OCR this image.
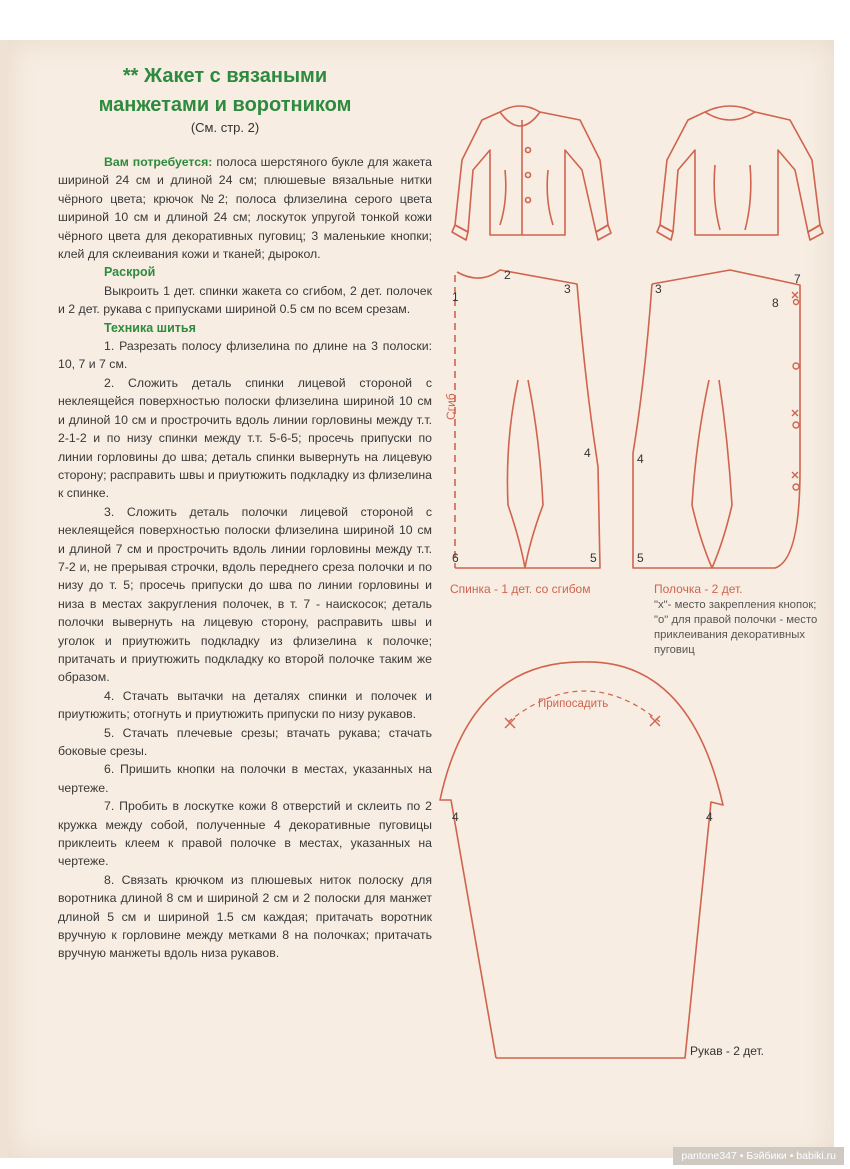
** Жакет с вязаными
манжетами и воротником
(См. стр. 2)

Вам потребуется: полоса шерстяного букле для жакета шириной 24 см и длиной 24 см; плюшевые вязальные нитки чёрного цвета; крючок №2; полоса флизелина серого цвета шириной 10 см и длиной 24 см; лоскуток упругой тонкой кожи чёрного цвета для декоративных пуговиц; 3 маленькие кнопки; клей для склеивания кожи и тканей; дырокол.

Раскрой

Выкроить 1 дет. спинки жакета со сгибом, 2 дет. полочек и 2 дет. рукава с припусками шириной 0.5 см по всем срезам.

Техника шитья

1. Разрезать полосу флизелина по длине на 3 полоски: 10, 7 и 7 см.

2. Сложить деталь спинки лицевой стороной с неклеящейся поверхностью полоски флизелина шириной 10 см и длиной 10 см и прострочить вдоль линии горловины между т.т. 2-1-2 и по низу спинки между т.т. 5-6-5; просечь припуски по линии горловины до шва; деталь спинки вывернуть на лицевую сторону; расправить швы и приутюжить подкладку из флизелина к спинке.

3. Сложить деталь полочки лицевой стороной с неклеящейся поверхностью полоски флизелина шириной 10 см и длиной 7 см и прострочить вдоль линии горловины между т.т. 7-2 и, не прерывая строчки, вдоль переднего среза полочки и по низу до т. 5; просечь припуски до шва по линии горловины и низа в местах закругления полочек, в т. 7 - наискосок; деталь полочки вывернуть на лицевую сторону, расправить швы и уголок и приутюжить подкладку из флизелина к полочке; притачать и приутюжить подкладку ко второй полочке таким же образом.

4. Стачать вытачки на деталях спинки и полочек и приутюжить; отогнуть и приутюжить припуски по низу рукавов.

5. Стачать плечевые срезы; втачать рукава; стачать боковые срезы.

6. Пришить кнопки на полочки в местах, указанных на чертеже.

7. Пробить в лоскутке кожи 8 отверстий и склеить по 2 кружка между собой, полученные 4 декоративные пуговицы приклеить клеем к правой полочке в местах, указанных на чертеже.

8. Связать крючком из плюшевых ниток полоску для воротника длиной 8 см и шириной 2 см и 2 полоски для манжет длиной 5 см и шириной 1.5 см каждая; притачать воротник вручную к горловине между метками 8 на полочках; притачать вручную манжеты вдоль низа рукавов.

1
2
3
4
5
6
Сгиб
3
4
5
7
8
4	4
Спинка - 1 дет. со сгибом	Полочка - 2 дет.
"х"- место закрепления кнопок;
"о" для правой полочки - место приклеивания декоративных пуговиц
Припосадить
Рукав - 2 дет.
pantone347 • Бэйбики • babiki.ru
